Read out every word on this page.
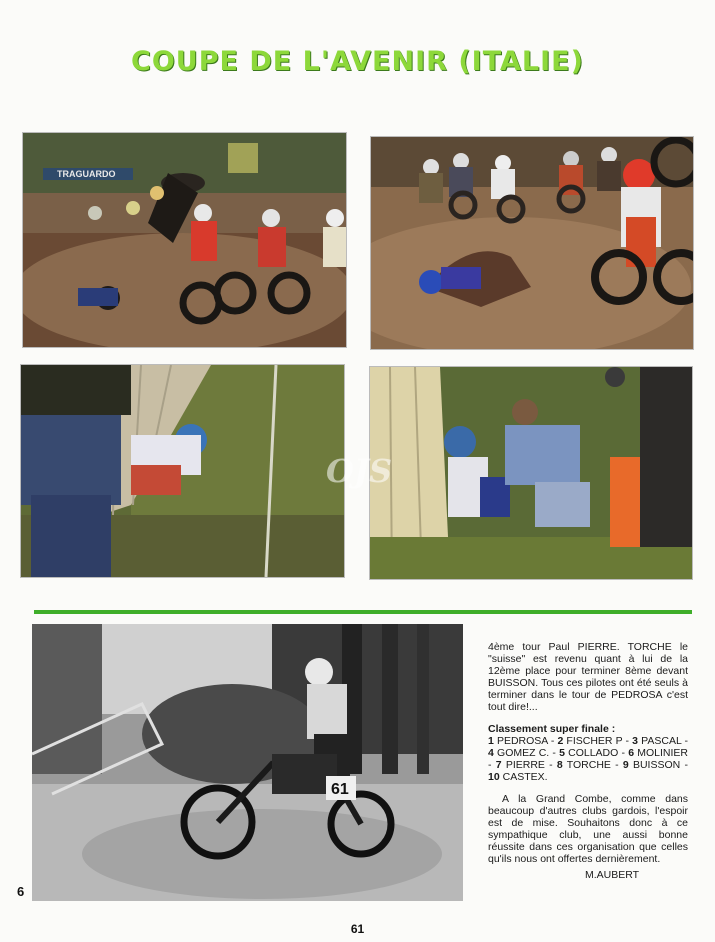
COUPE DE L'AVENIR (ITALIE)
TRAGUARDO
OJS
61

4ème tour Paul PIERRE. TORCHE le "suisse" est revenu quant à lui de la 12ème place pour terminer 8ème devant BUISSON. Tous ces pilotes ont été seuls à terminer dans le tour de PEDROSA c'est tout dire!...

Classement super finale :
1 PEDROSA - 2 FISCHER P - 3 PASCAL - 4 GOMEZ C. - 5 COLLADO - 6 MOLINIER - 7 PIERRE - 8 TORCHE - 9 BUISSON - 10 CASTEX.

A la Grand Combe, comme dans beaucoup d'autres clubs gardois, l'espoir est de mise. Souhaitons donc à ce sympathique club, une aussi bonne réussite dans ces organisation que celles qu'ils nous ont offertes dernièrement.

M.AUBERT
6
61
